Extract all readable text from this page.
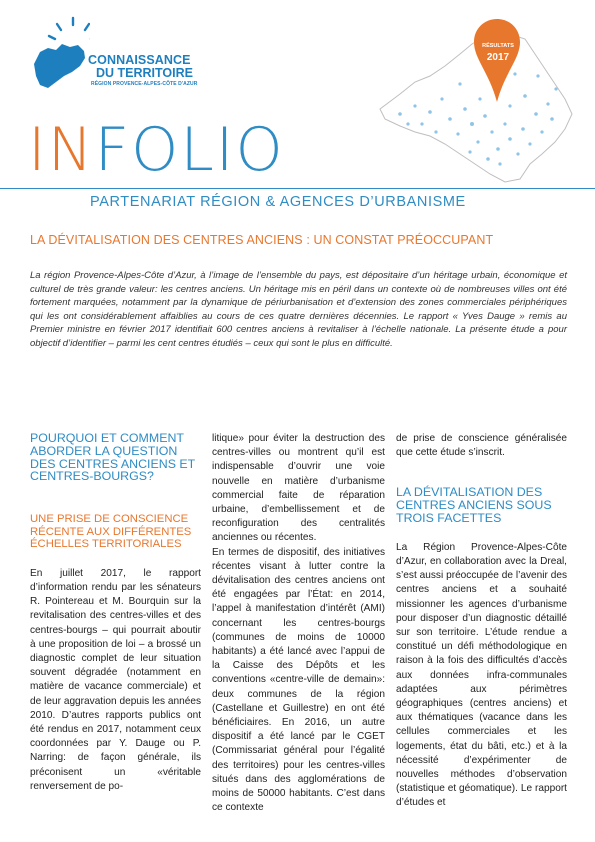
CONNAISSANCE
DU TERRITOIRE
RÉGION PROVENCE-ALPES-CÔTE D'AZUR
RÉSULTATS
2017
INFOLIO
PARTENARIAT RÉGION & AGENCES D’URBANISME
LA DÉVITALISATION DES CENTRES ANCIENS : UN CONSTAT PRÉOCCUPANT
La région Provence-Alpes-Côte d’Azur, à l’image de l’ensemble du pays, est dépositaire d’un héritage urbain, économique et culturel de très grande valeur: les centres anciens. Un héritage mis en péril dans un contexte où de nombreuses villes ont été fortement marquées, notamment par la dynamique de périurbanisation et d’extension des zones commerciales périphériques qui les ont considérablement affaiblies au cours de ces quatre dernières décennies. Le rapport « Yves Dauge » remis au Premier ministre en février 2017 identifiait 600 centres anciens à revitaliser à l’échelle nationale. La présente étude a pour objectif d’identifier – parmi les cent centres étudiés – ceux qui sont le plus en difficulté.
POURQUOI ET COMMENT ABORDER LA QUESTION DES CENTRES ANCIENS ET CENTRES-BOURGS?
UNE PRISE DE CONSCIENCE RÉCENTE AUX DIFFÉRENTES ÉCHELLES TERRITORIALES

En juillet 2017, le rapport d’information rendu par les sénateurs R. Pointereau et M. Bourquin sur la revitalisation des centres-villes et des centres-bourgs – qui pourrait aboutir à une proposition de loi – a brossé un diagnostic complet de leur situation souvent dégradée (notamment en matière de vacance commerciale) et de leur aggravation depuis les années 2010. D’autres rapports publics ont été rendus en 2017, notamment ceux coordonnées par Y. Dauge ou P. Narring: de façon générale, ils préconisent un «véritable renversement de po-

litique» pour éviter la destruction des centres-villes ou montrent qu’il est indispensable d’ouvrir une voie nouvelle en matière d’urbanisme commercial faite de réparation urbaine, d’embellissement et de reconfiguration des centralités anciennes ou récentes.

En termes de dispositif, des initiatives récentes visant à lutter contre la dévitalisation des centres anciens ont été engagées par l’État: en 2014, l’appel à manifestation d’intérêt (AMI) concernant les centres-bourgs (communes de moins de 10000 habitants) a été lancé avec l’appui de la Caisse des Dépôts et les conventions «centre-ville de demain»: deux communes de la région (Castellane et Guillestre) en ont été bénéficiaires. En 2016, un autre dispositif a été lancé par le CGET (Commissariat général pour l’égalité des territoires) pour les centres-villes situés dans des agglomérations de moins de 50000 habitants. C’est dans ce contexte

de prise de conscience généralisée que cette étude s’inscrit.

LA DÉVITALISATION DES CENTRES ANCIENS SOUS TROIS FACETTES

La Région Provence-Alpes-Côte d’Azur, en collaboration avec la Dreal, s’est aussi préoccupée de l’avenir des centres anciens et a souhaité missionner les agences d’urbanisme pour disposer d’un diagnostic détaillé sur son territoire. L’étude rendue a constitué un défi méthodologique en raison à la fois des difficultés d’accès aux données infra-communales adaptées aux périmètres géographiques (centres anciens) et aux thématiques (vacance dans les cellules commerciales et les logements, état du bâti, etc.) et à la nécessité d’expérimenter de nouvelles méthodes d’observation (statistique et géomatique). Le rapport d’études et
